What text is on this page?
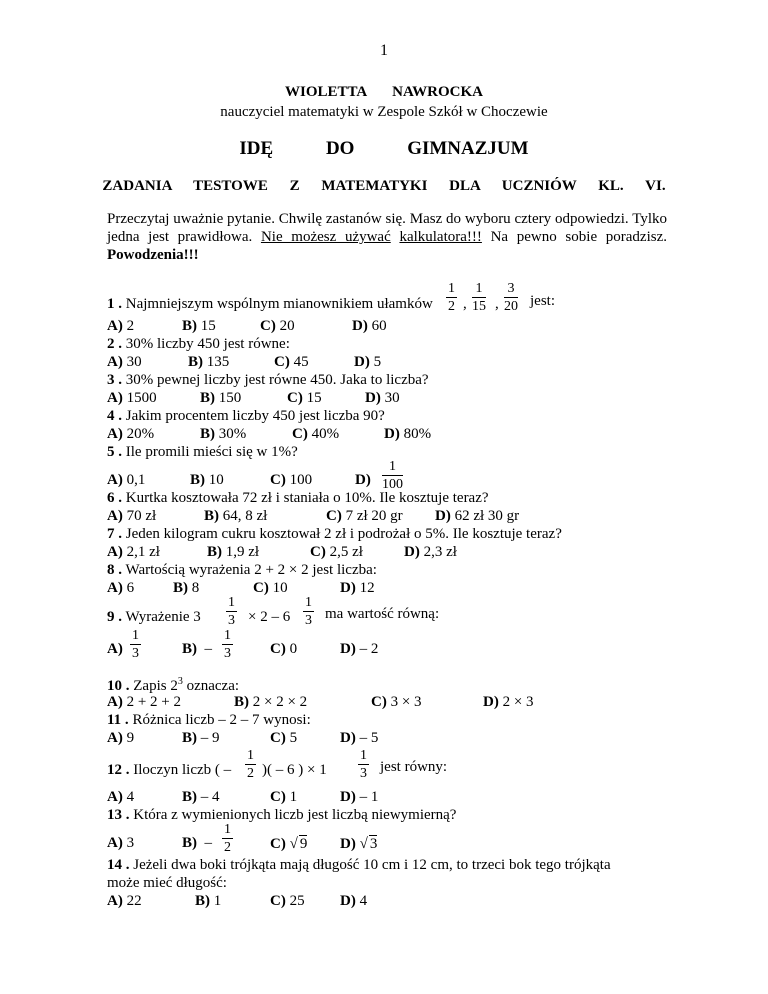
1
WIOLETTA NAWROCKA
nauczyciel matematyki w Zespole Szkół w Choczewie
IDĘ DO GIMNAZJUM
ZADANIA TESTOWE Z MATEMATYKI DLA UCZNIÓW KL. VI.
Przeczytaj uważnie pytanie. Chwilę zastanów się. Masz do wyboru cztery odpowiedzi. Tylko jedna jest prawidłowa. Nie możesz używać kalkulatora!!! Na pewno sobie poradzisz. Powodzenia!!!
1 . Najmniejszym wspólnym mianownikiem ułamków $\frac{1}{2}$ , $\frac{1}{15}$ , $\frac{3}{20}$ jest:
A) 2	B) 15	C) 20	D) 60
2 . 30% liczby 450 jest równe:
A) 30	B) 135	C) 45	D) 5
3 . 30% pewnej liczby jest równe 450. Jaka to liczba?
A) 1500	B) 150	C) 15	D) 30
4 . Jakim procentem liczby 450 jest liczba 90?
A) 20%	B) 30%	C) 40%	D) 80%
5 . Ile promili mieści się w 1%?
A) 0,1	B) 10	C) 100	$D) \frac{1}{100}$
6 . Kurtka kosztowała 72 zł i staniała o 10%. Ile kosztuje teraz?
A) 70 zł	B) 64, 8 zł	C) 7 zł 20 gr D) 62 zł 30 gr
7 . Jeden kilogram cukru kosztował 2 zł i podrożał o 5%. Ile kosztuje teraz?
A) 2,1 zł	B) 1,9 zł	C) 2,5 zł	D) 2,3 zł
8 . Wartością wyrażenia 2 + 2 × 2 jest liczba:
A) 6	B) 8	C) 10	D) 12
9 . Wyrażenie $3 \frac{1}{3} \times 2 - 6 \frac{1}{3}$ ma wartość równą:
$A) \frac{1}{3}$	$B) - \frac{1}{3} C$) 0	D) – 2
10 . Zapis $2^3$ oznacza:
A) 2 + 2 + 2	B) 2 × 2 × 2	C) 3 × 3	D) 2 × 3
11 . Różnica liczb – 2 – 7 wynosi:
A) 9	B) – 9	C) 5	D) – 5
12 . Iloczyn liczb ( – $\frac{1}{2}$ )( – 6 ) × $1 \frac{1}{3}$ jest równy:
A) 4	B) – 4	C) 1	D) – 1
13 . Która z wymienionych liczb jest liczbą niewymierną?
A) 3	$B) - \frac{1}{2} C$) √ 9 D) √ 3
14 . Jeżeli dwa boki trójkąta mają długość 10 cm i 12 cm, to trzeci bok tego trójkąta
może mieć długość:
A) 22	B) 1	C) 25 D) 4
